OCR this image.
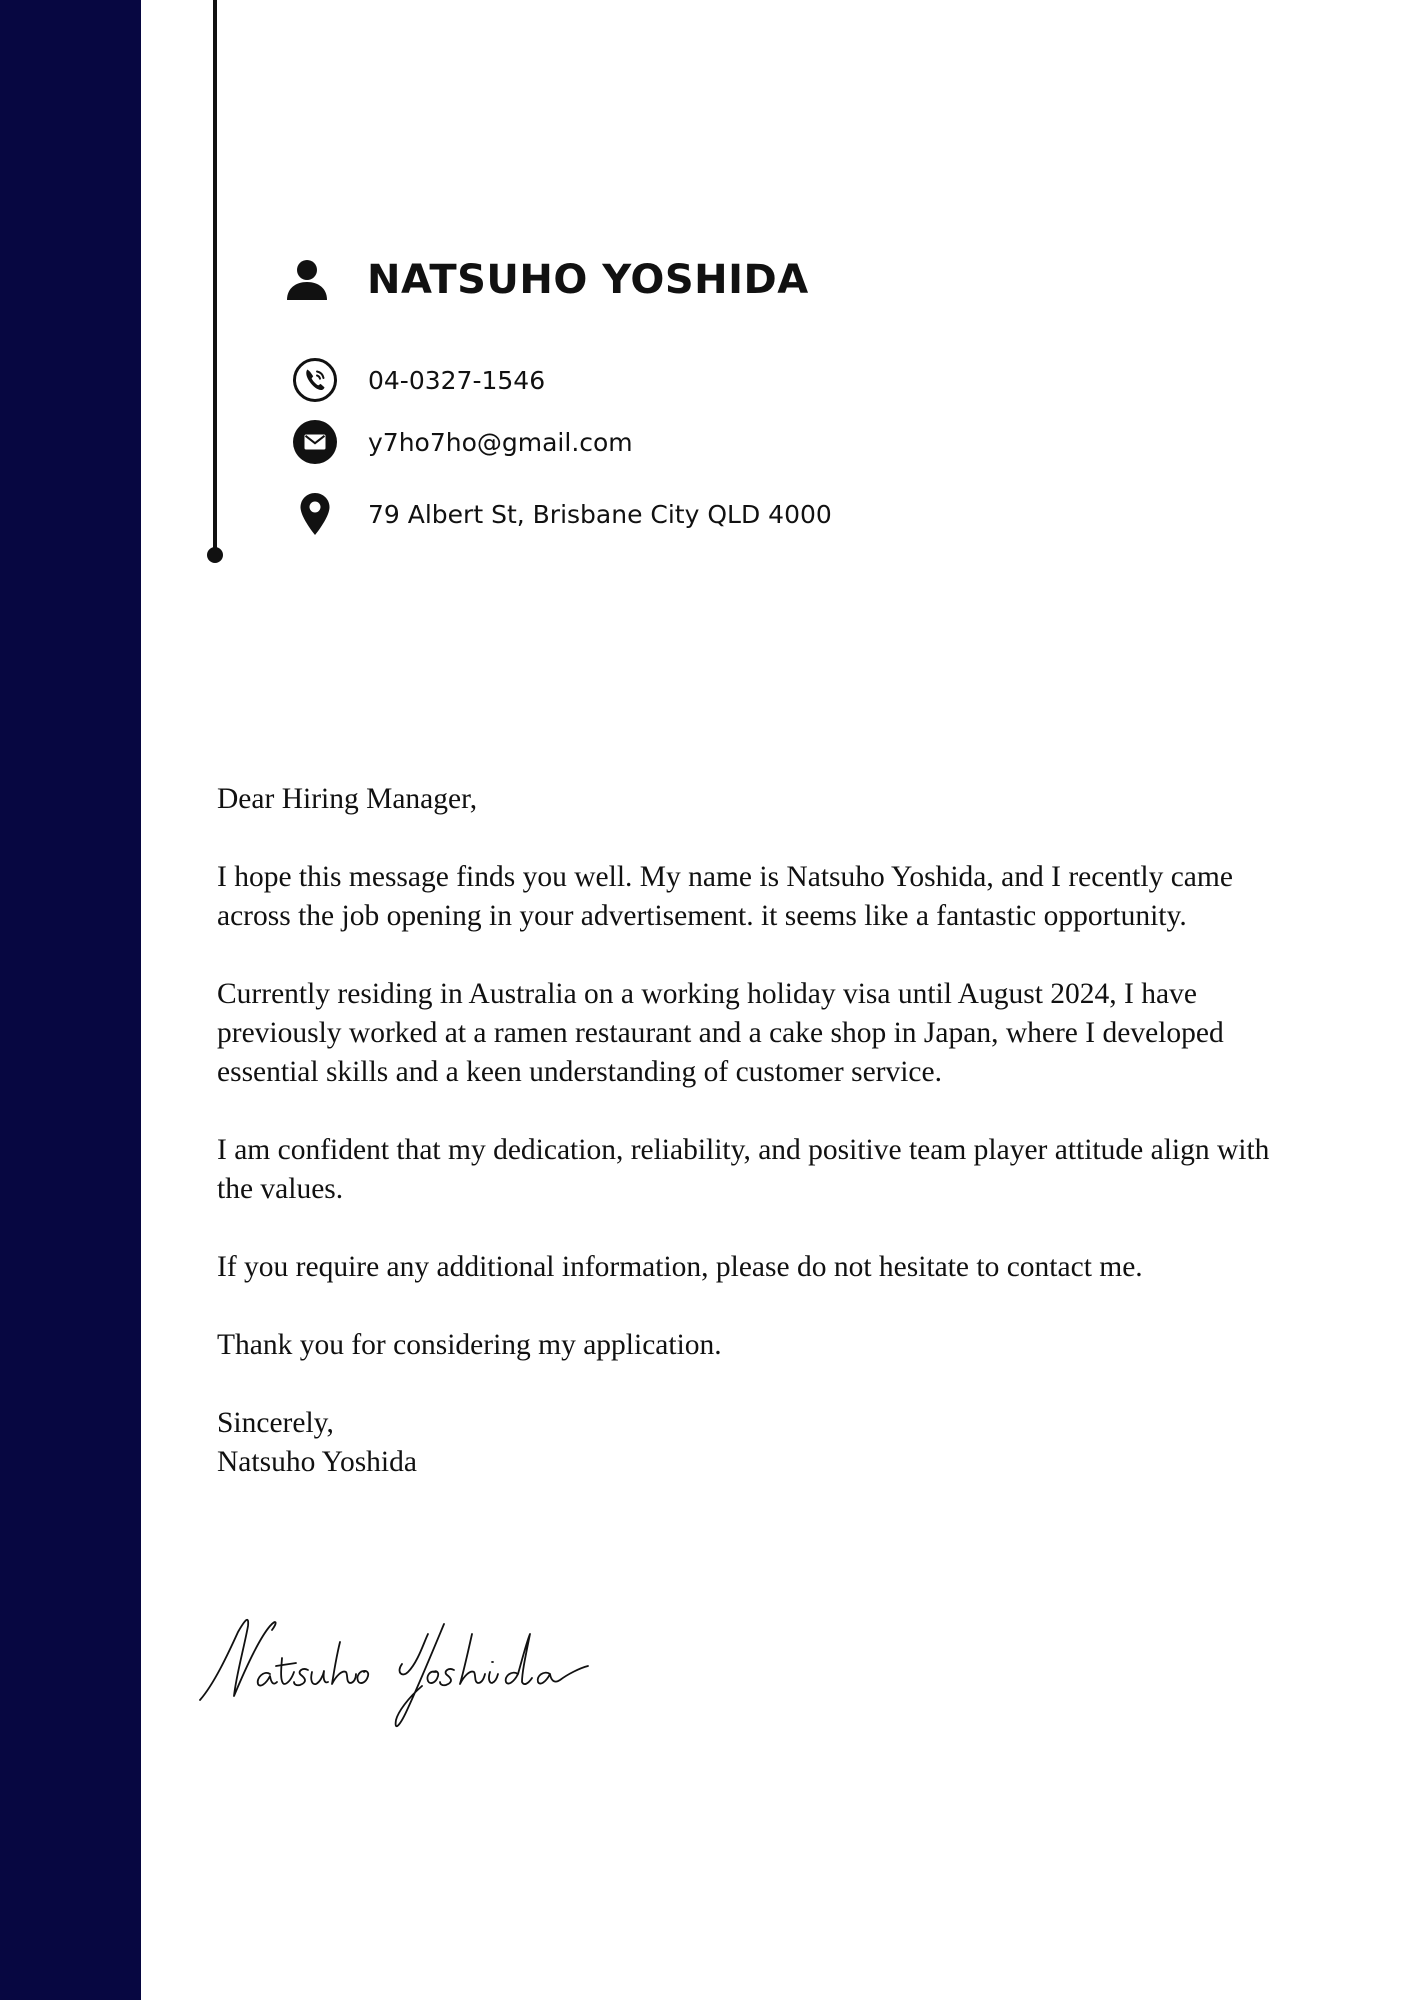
NATSUHO YOSHIDA
04-0327-1546
y7ho7ho@gmail.com
79 Albert St, Brisbane City QLD 4000

Dear Hiring Manager,

I hope this message finds you well. My name is Natsuho Yoshida, and I recently came across the job opening in your advertisement. it seems like a fantastic opportunity.

Currently residing in Australia on a working holiday visa until August 2024, I have previously worked at a ramen restaurant and a cake shop in Japan, where I developed essential skills and a keen understanding of customer service.

I am confident that my dedication, reliability, and positive team player attitude align with the values.

If you require any additional information, please do not hesitate to contact me.

Thank you for considering my application.

Sincerely,
Natsuho Yoshida
